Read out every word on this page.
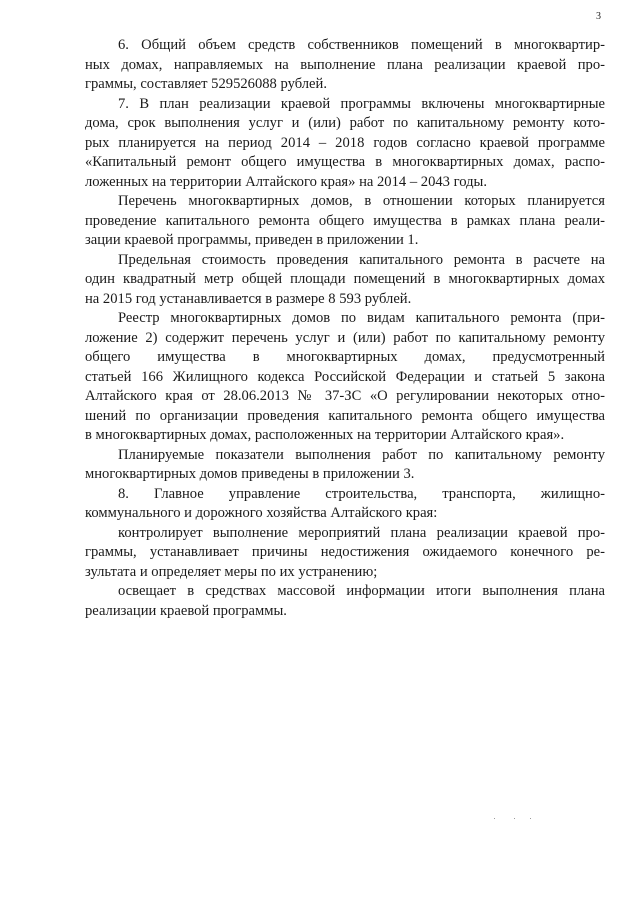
3
6. Общий объем средств собственников помещений в многоквартир-
ных домах, направляемых на выполнение плана реализации краевой про-
граммы, составляет 529526088 рублей.
7. В план реализации краевой программы включены многоквартирные
дома, срок выполнения услуг и (или) работ по капитальному ремонту кото-
рых планируется на период 2014 – 2018 годов согласно краевой программе
«Капитальный ремонт общего имущества в многоквартирных домах, распо-
ложенных на территории Алтайского края» на 2014 – 2043 годы.
Перечень многоквартирных домов, в отношении которых планируется
проведение капитального ремонта общего имущества в рамках плана реали-
зации краевой программы, приведен в приложении 1.
Предельная стоимость проведения капитального ремонта в расчете на
один квадратный метр общей площади помещений в многоквартирных домах
на 2015 год устанавливается в размере 8 593 рублей.
Реестр многоквартирных домов по видам капитального ремонта (при-
ложение 2) содержит перечень услуг и (или) работ по капитальному ремонту
общего имущества в многоквартирных домах, предусмотренный
статьей 166 Жилищного кодекса Российской Федерации и статьей 5 закона
Алтайского края от 28.06.2013 № 37-ЗС «О регулировании некоторых отно-
шений по организации проведения капитального ремонта общего имущества
в многоквартирных домах, расположенных на территории Алтайского края».
Планируемые показатели выполнения работ по капитальному ремонту
многоквартирных домов приведены в приложении 3.
8. Главное управление строительства, транспорта, жилищно-
коммунального и дорожного хозяйства Алтайского края:
контролирует выполнение мероприятий плана реализации краевой про-
граммы, устанавливает причины недостижения ожидаемого конечного ре-
зультата и определяет меры по их устранению;
освещает в средствах массовой информации итоги выполнения плана
реализации краевой программы.
